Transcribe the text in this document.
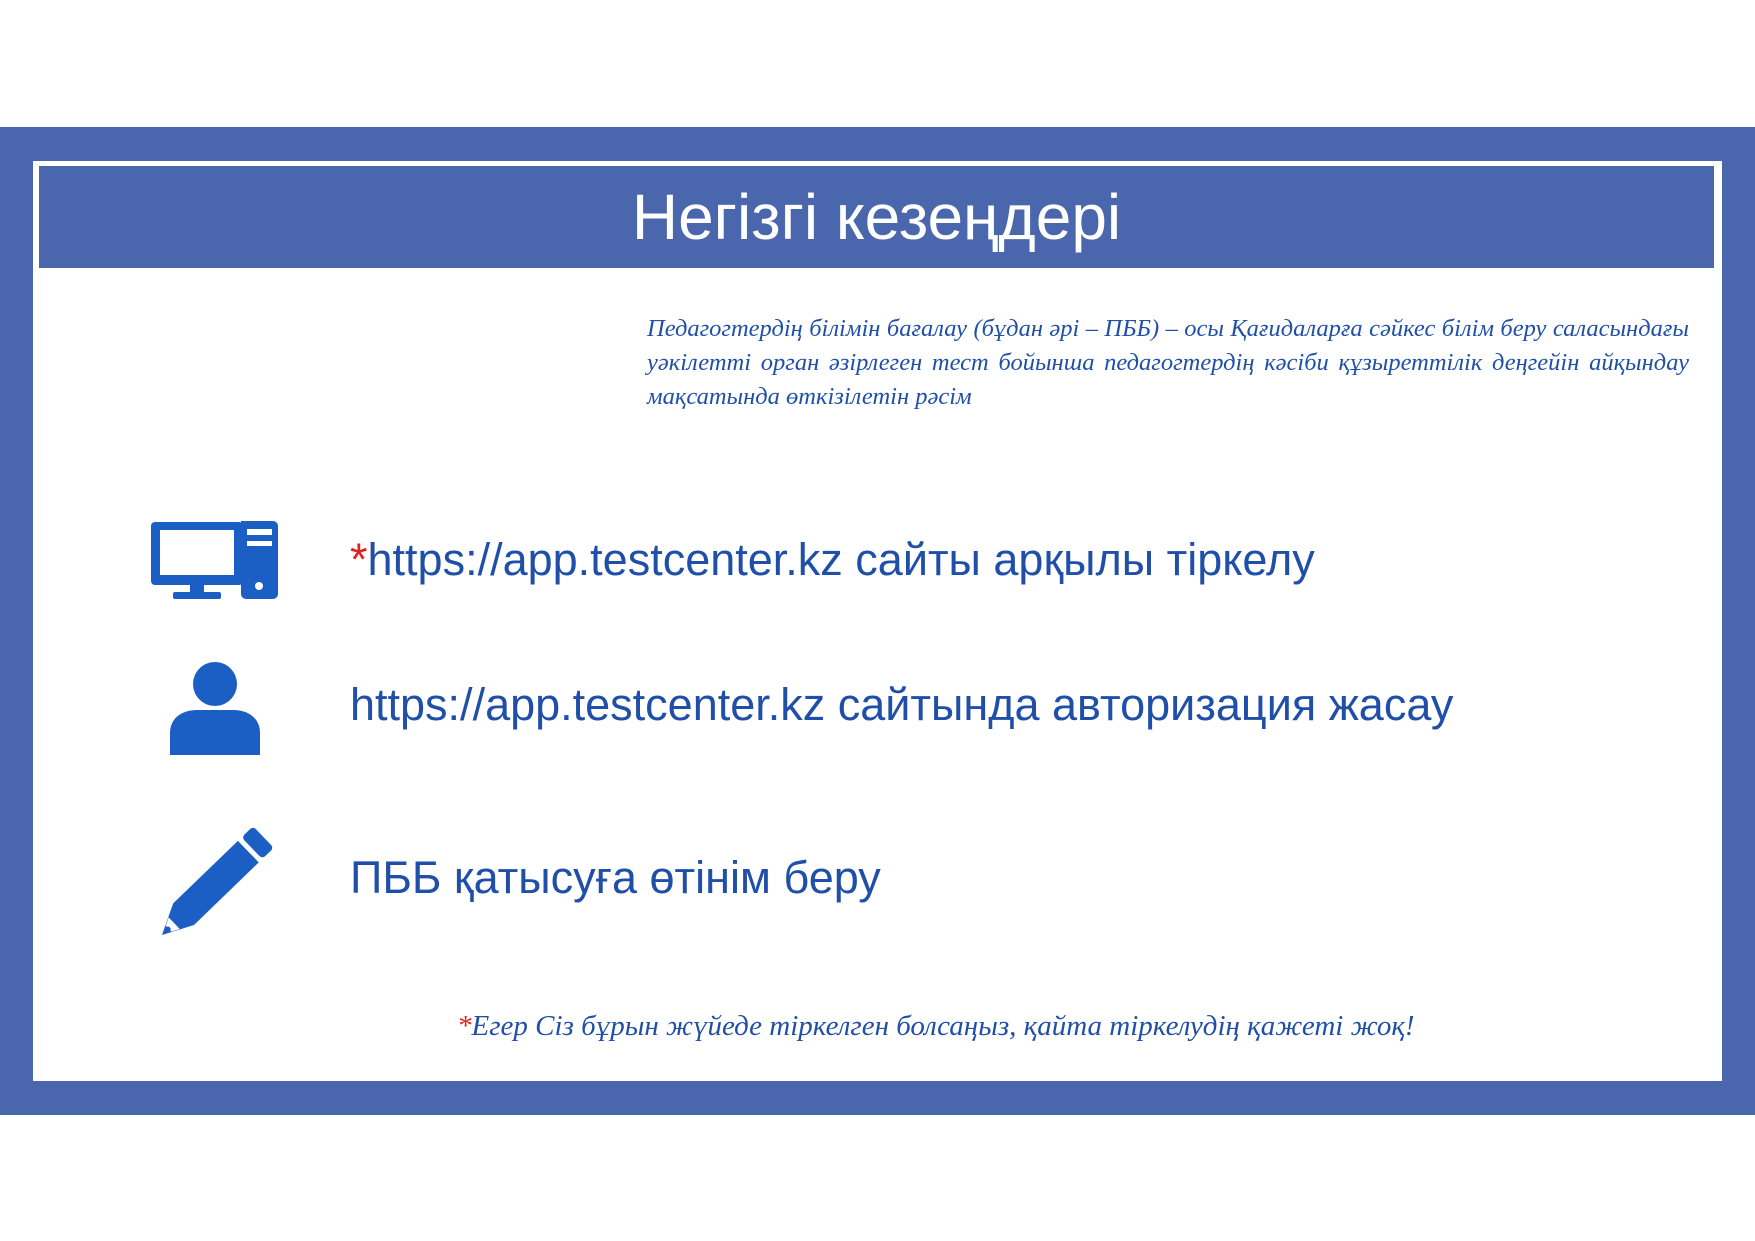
Негізгі кезеңдері
Педагогтердің білімін бағалау (бұдан әрі – ПББ) – осы Қағидаларға сәйкес білім беру саласындағы уәкілетті орган әзірлеген тест бойынша педагогтердің кәсіби құзыреттілік деңгейін айқындау мақсатында өткізілетін рәсім
*https://app.testcenter.kz сайты арқылы тіркелу
https://app.testcenter.kz сайтында авторизация жасау
ПББ қатысуға өтінім беру
*Егер Сіз бұрын жүйеде тіркелген болсаңыз, қайта тіркелудің қажеті жоқ!
